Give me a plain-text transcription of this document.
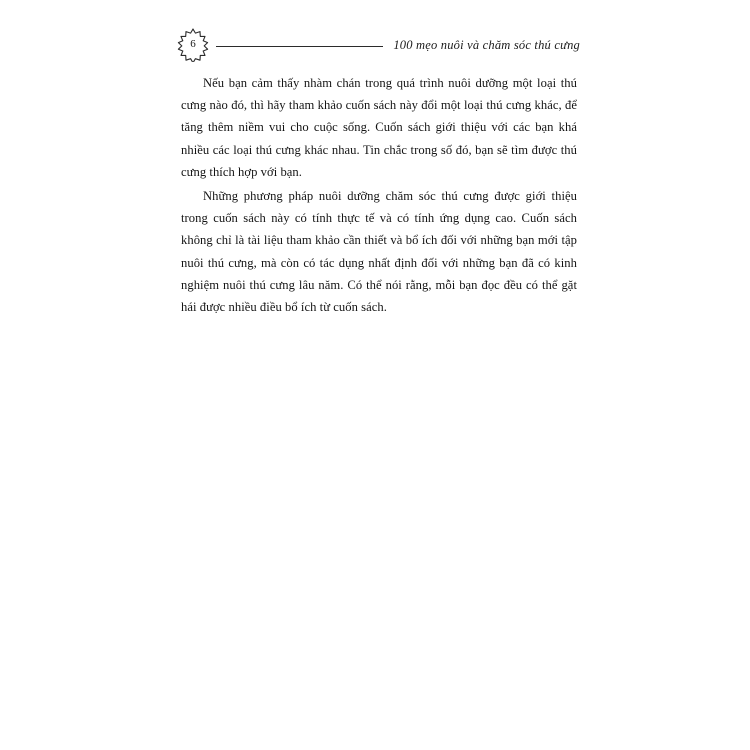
6	100 mẹo nuôi và chăm sóc thú cưng

Nếu bạn cảm thấy nhàm chán trong quá trình nuôi dưỡng một loại thú cưng nào đó, thì hãy tham khảo cuốn sách này đổi một loại thú cưng khác, để tăng thêm niềm vui cho cuộc sống. Cuốn sách giới thiệu với các bạn khá nhiều các loại thú cưng khác nhau. Tin chắc trong số đó, bạn sẽ tìm được thú cưng thích hợp với bạn.

Những phương pháp nuôi dưỡng chăm sóc thú cưng được giới thiệu trong cuốn sách này có tính thực tế và có tính ứng dụng cao. Cuốn sách không chỉ là tài liệu tham khảo cần thiết và bổ ích đối với những bạn mới tập nuôi thú cưng, mà còn có tác dụng nhất định đối với những bạn đã có kinh nghiệm nuôi thú cưng lâu năm. Có thể nói rằng, mỗi bạn đọc đều có thể gặt hái được nhiều điều bổ ích từ cuốn sách.
